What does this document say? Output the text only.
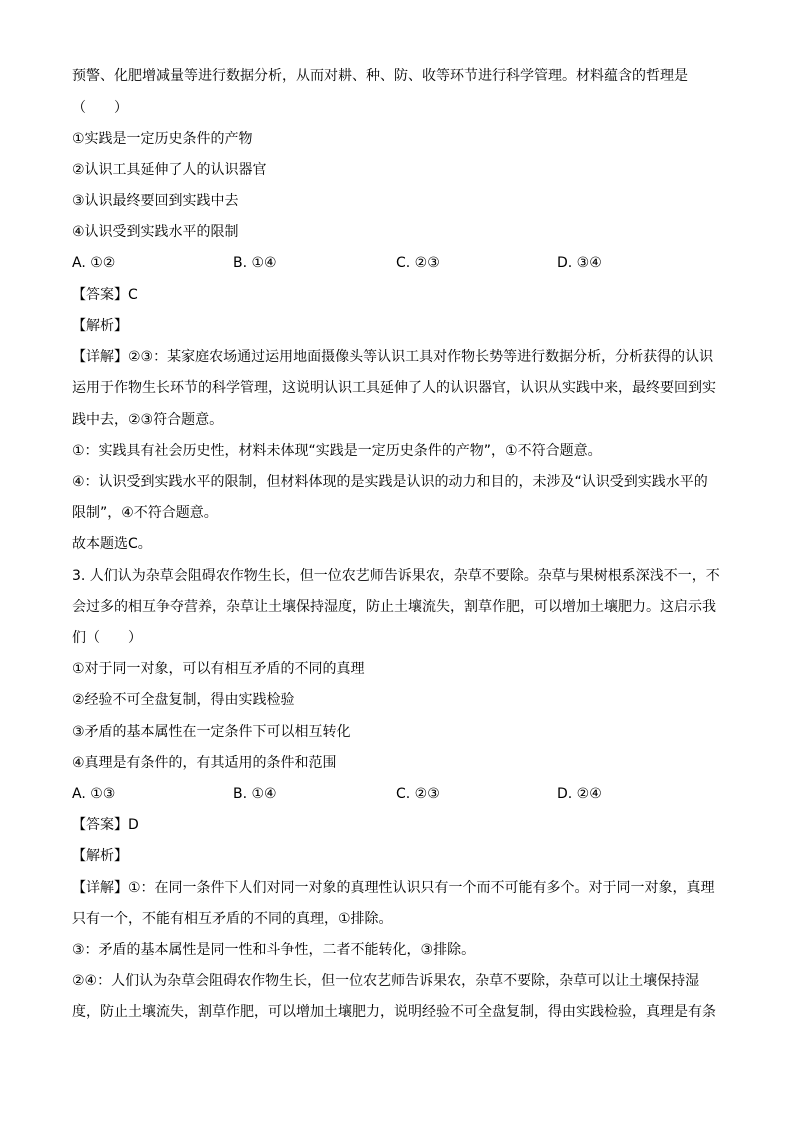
预警、化肥增减量等进行数据分析，从而对耕、种、防、收等环节进行科学管理。材料蕴含的哲理是
（　　）
①实践是一定历史条件的产物
②认识工具延伸了人的认识器官
③认识最终要回到实践中去
④认识受到实践水平的限制
A. ①②	B. ①④	C. ②③	D. ③④
【答案】C
【解析】
【详解】②③：某家庭农场通过运用地面摄像头等认识工具对作物长势等进行数据分析，分析获得的认识
运用于作物生长环节的科学管理，这说明认识工具延伸了人的认识器官，认识从实践中来，最终要回到实
践中去，②③符合题意。
①：实践具有社会历史性，材料未体现“实践是一定历史条件的产物”，①不符合题意。
④：认识受到实践水平的限制，但材料体现的是实践是认识的动力和目的，未涉及“认识受到实践水平的
限制”，④不符合题意。
故本题选C。
3. 人们认为杂草会阻碍农作物生长，但一位农艺师告诉果农，杂草不要除。杂草与果树根系深浅不一，不
会过多的相互争夺营养，杂草让土壤保持湿度，防止土壤流失，割草作肥，可以增加土壤肥力。这启示我
们（　　）
①对于同一对象，可以有相互矛盾的不同的真理
②经验不可全盘复制，得由实践检验
③矛盾的基本属性在一定条件下可以相互转化
④真理是有条件的，有其适用的条件和范围
A. ①③	B. ①④	C. ②③	D. ②④
【答案】D
【解析】
【详解】①：在同一条件下人们对同一对象的真理性认识只有一个而不可能有多个。对于同一对象，真理
只有一个，不能有相互矛盾的不同的真理，①排除。
③：矛盾的基本属性是同一性和斗争性，二者不能转化，③排除。
②④：人们认为杂草会阻碍农作物生长，但一位农艺师告诉果农，杂草不要除，杂草可以让土壤保持湿
度，防止土壤流失，割草作肥，可以增加土壤肥力，说明经验不可全盘复制，得由实践检验，真理是有条
